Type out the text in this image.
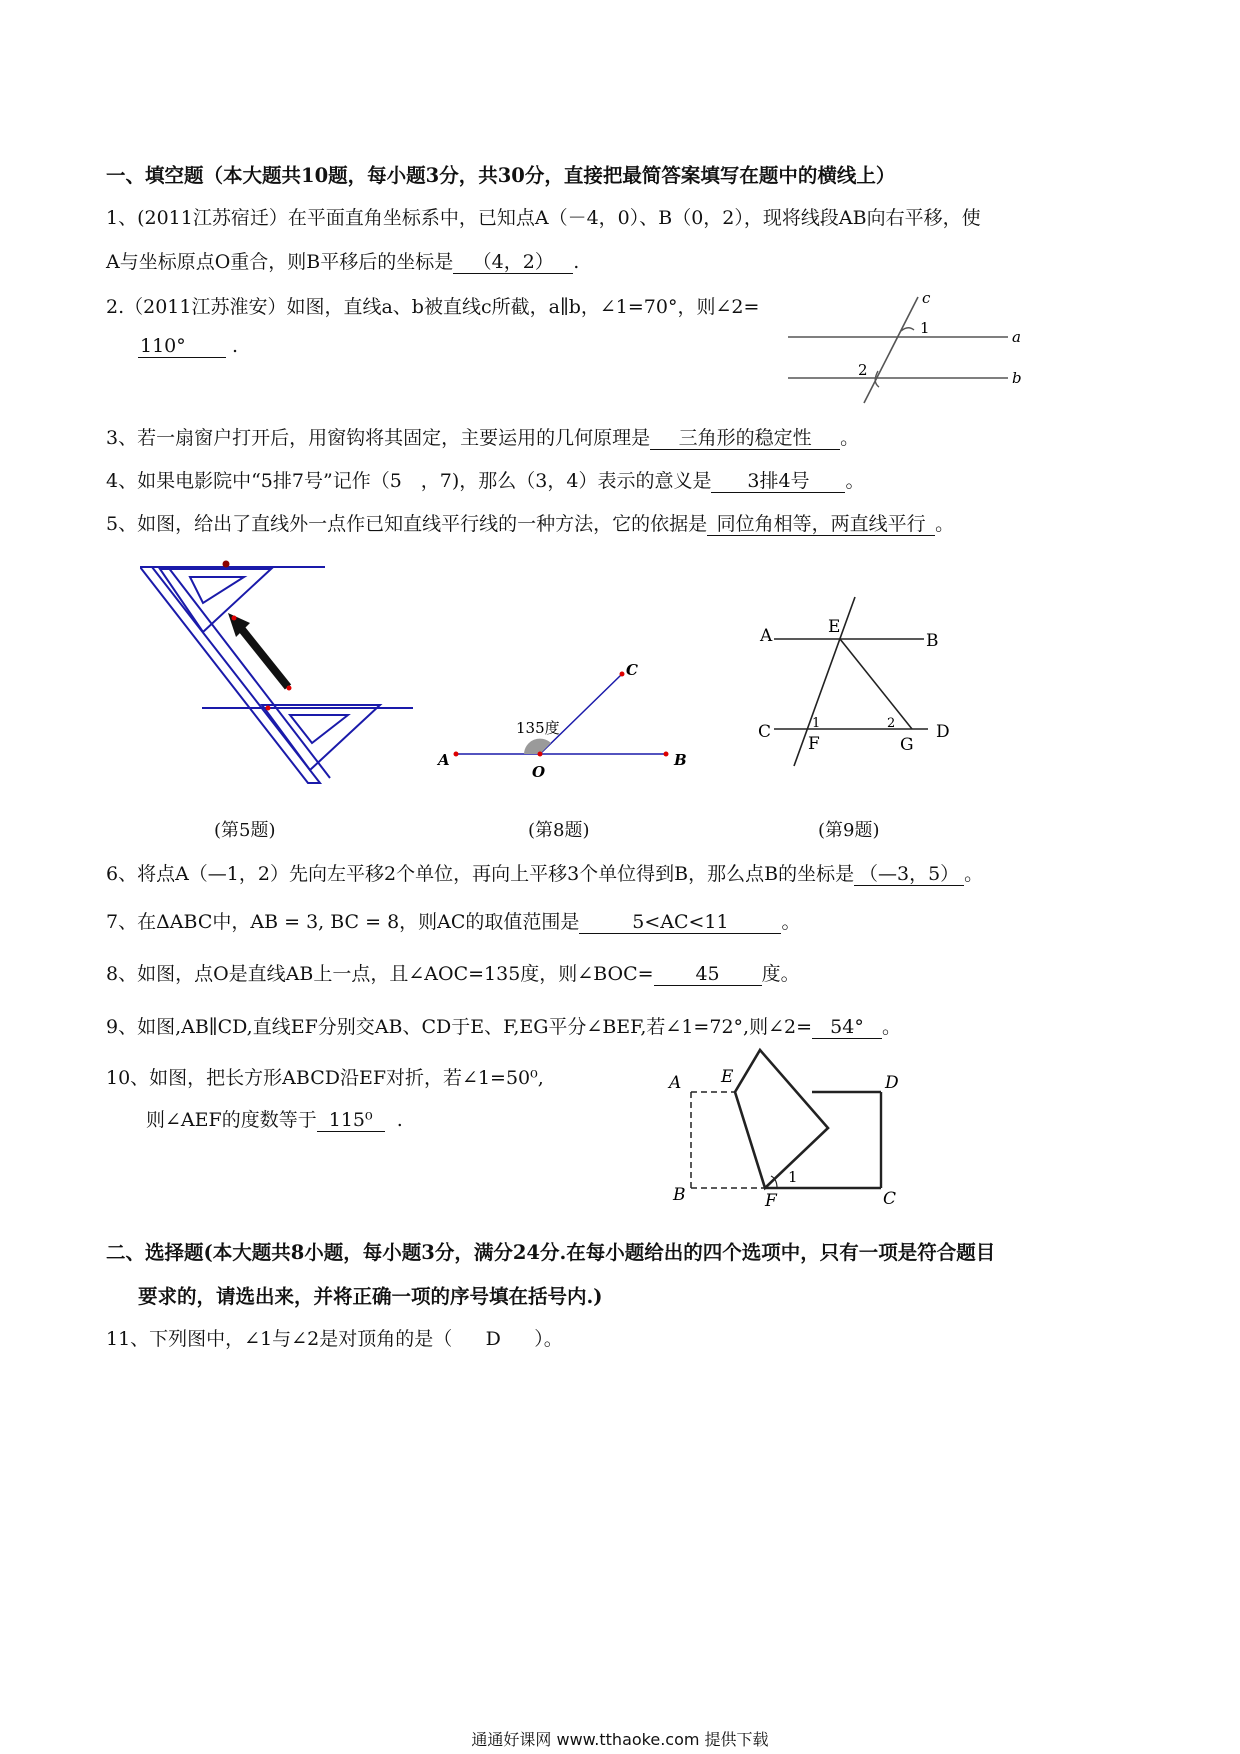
一、填空题（本大题共10题，每小题3分，共30分，直接把最简答案填写在题中的横线上）
1、(2011江苏宿迁）在平面直角坐标系中，已知点A（－4，0）、B（0，2），现将线段AB向右平移，使
A与坐标原点O重合，则B平移后的坐标是 （4，2） .
2.（2011江苏淮安）如图，直线a、b被直线c所截，a∥b，∠1=70°，则∠2=
110° .
c
a
b
1
2
3、若一扇窗户打开后，用窗钩将其固定，主要运用的几何原理是 三角形的稳定性 。
4、如果电影院中“5排7号”记作（5　，7)，那么（3，4）表示的意义是 3排4号 。
5、如图，给出了直线外一点作已知直线平行线的一种方法，它的依据是 同位角相等，两直线平行 。
A
O
B
C
135度
A	E
B
C
F	G
D
1	2
(第5题)	(第8题)	(第9题)
6、将点A（—1，2）先向左平移2个单位，再向上平移3个单位得到B，那么点B的坐标是 （—3，5） 。
7、在ΔABC中，AB = 3, BC = 8，则AC的取值范围是	5<AC<11	。
8、如图，点O是直线AB上一点，且∠AOC=135度，则∠BOC= 45 度。
9、如图,AB∥CD,直线EF分别交AB、CD于E、F,EG平分∠BEF,若∠1=72°,则∠2= 54° 。
10、如图，把长方形ABCD沿EF对折，若∠1=50⁰,
则∠AEF的度数等于 115⁰ .
A E	D
B	F	C
1
二、选择题(本大题共8小题，每小题3分，满分24分.在每小题给出的四个选项中，只有一项是符合题目
要求的，请选出来，并将正确一项的序号填在括号内.)
11、下列图中，∠1与∠2是对顶角的是（ D ）。
通通好课网 www.tthaoke.com 提供下载
